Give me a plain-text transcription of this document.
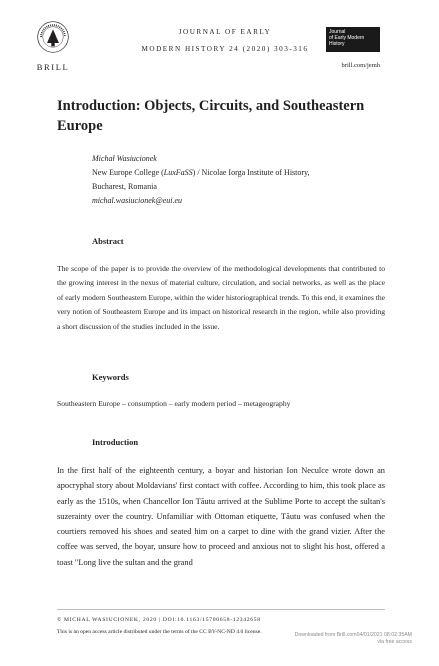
BRILL
JOURNAL OF EARLY
MODERN HISTORY 24 (2020) 303-316
Journal
of Early Modern
History
brill.com/jemh
Introduction: Objects, Circuits, and Southeastern Europe
Michał Wasiucionek
New Europe College (LuxFaSS) / Nicolae Iorga Institute of History,
Bucharest, Romania
michal.wasiucionek@eui.eu
Abstract

The scope of the paper is to provide the overview of the methodological developments that contributed to the growing interest in the nexus of material culture, circulation, and social networks, as well as the place of early modern Southeastern Europe, within the wider historiographical trends. To this end, it examines the very notion of Southeastern Europe and its impact on historical research in the region, while also providing a short discussion of the studies included in the issue.

Keywords
Southeastern Europe – consumption – early modern period – metageography
Introduction

In the first half of the eighteenth century, a boyar and historian Ion Neculce wrote down an apocryphal story about Moldavians' first contact with coffee. According to him, this took place as early as the 1510s, when Chancellor Ion Tăutu arrived at the Sublime Porte to accept the sultan's suzerainty over the country. Unfamiliar with Ottoman etiquette, Tăutu was confused when the courtiers removed his shoes and seated him on a carpet to dine with the grand vizier. After the coffee was served, the boyar, unsure how to proceed and anxious not to slight his host, offered a toast "Long live the sultan and the grand

© MICHAL WASIUCIONEK, 2020 | DOI:10.1163/15700658-12342658
This is an open access article distributed under the terms of the CC BY-NC-ND 4.0 license.	Downloaded from Brill.com04/01/2021 08:02:35AM
via free access
